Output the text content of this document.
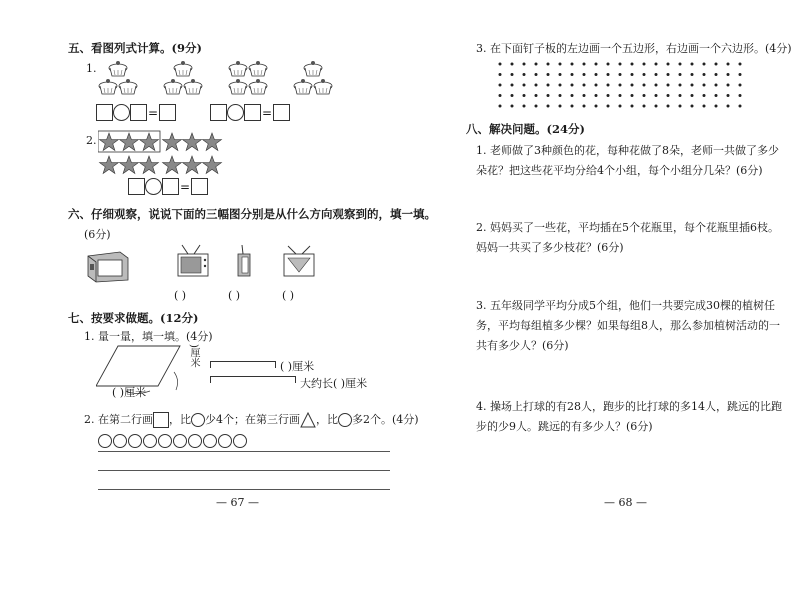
五、看图列式计算。(9分)
1.
=	=
2.
=
六、仔细观察，说说下面的三幅图分别是从什么方向观察到的，填一填。
(6分)
( )	( )	( )
七、按要求做题。(12分)
1. 量一量，填一填。(4分)
)厘米
( )厘米
( )厘米
大约长( )厘米
2. 在第二行画 ，比 少4个；在第三行画 ，比 多2个。(4分)
— 67 —
3. 在下面钉子板的左边画一个五边形，右边画一个六边形。(4分)
八、解决问题。(24分)
1. 老师做了3种颜色的花，每种花做了8朵，老师一共做了多少朵花？把这些花平均分给4个小组，每个小组分几朵？(6分)
2. 妈妈买了一些花，平均插在5个花瓶里，每个花瓶里插6枝。妈妈一共买了多少枝花？(6分)
3. 五年级同学平均分成5个组，他们一共要完成30棵的植树任务，平均每组植多少棵？如果每组8人，那么参加植树活动的一共有多少人？(6分)
4. 操场上打球的有28人，跑步的比打球的多14人，跳远的比跑步的少9人。跳远的有多少人？(6分)
— 68 —
